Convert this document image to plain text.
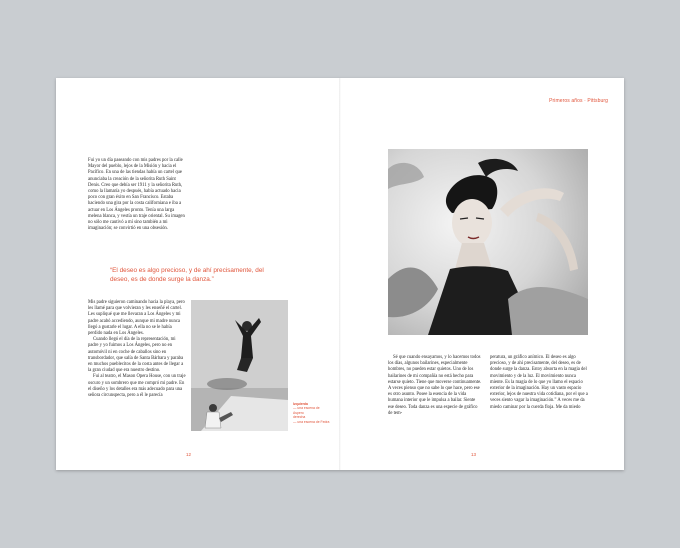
Fui yo un día paseando con mis padres por la calle Mayor del pueblo, lejos de la Misión y hacia el Pacífico. En una de las tiendas había un cartel que anunciaba la creación de la señorita Ruth Saint Denis. Creo que debía ser 1911 y la señorita Ruth, como la llamaría yo después, había actuado hacia poco con gran éxito en San Francisco. Estaba haciendo una gira por la costa californiana e iba a actuar en Los Ángeles pronto. Tenía una larga melena blanca, y vestía un traje oriental. Su imagen no sólo me cautivó a mí sino también a mi imaginación; se convirtió en una obsesión.

“El deseo es algo precioso, y de ahí precisamente, del deseo, es de donde surge la danza.”

Mis padre siguieron caminando hacia la playa, pero les llamé para que volvieran y les enseñé el cartel. Les supliqué que me llevaran a Los Ángeles y mi padre acabó accediendo, aunque mi madre nunca llegó a gustarle el lugar. A ella no se le había perdido nada en Los Ángeles.

Cuando llegó el día de la representación, mi padre y yo fuimos a Los Ángeles, pero no en automóvil ni en coche de caballos sino en transbordador, que salía de Santa Bárbara y paraba en muchos pueblecitos de la costa antes de llegar a la gran ciudad que era nuestro destino.

Fui al teatro, el Mason Opera House, con un traje oscuro y un sombrero que me compró mi padre. En el diseño y los detalles era más adecuado para una señora circunspecta, pero a él le parecía

Izquierda
— una escena de Aspero
derecha
— una escena de Fedra
12
Primeros años · Pittsburg

Sé que cuando ensayamos, y lo hacemos todos los días, algunos bailarines, especialmente hombres, no pueden estar quietos. Uno de los bailarines de mi compañía no está hecho para estarse quieto. Tiene que moverse continuamente. A veces pienso que no sabe lo que hace, pero ese es otro asunto. Posee la esencia de la vida humana interior que le impulsa a bailar. Siente ese deseo. Toda danza es una especie de gráfico de tem-

peratura, un gráfico anímico. El deseo es algo precioso, y de ahí precisamente, del deseo, es de donde surge la danza. Estoy absorta en la magia del movimiento y de la luz. El movimiento nunca miente. Es la magia de lo que yo llamo el espacio exterior de la imaginación. Hay un vasto espacio exterior, lejos de nuestra vida cotidiana, por el que a veces siento vagar la imaginación.” A veces me da miedo caminar por la cuerda floja. Me da miedo

13
